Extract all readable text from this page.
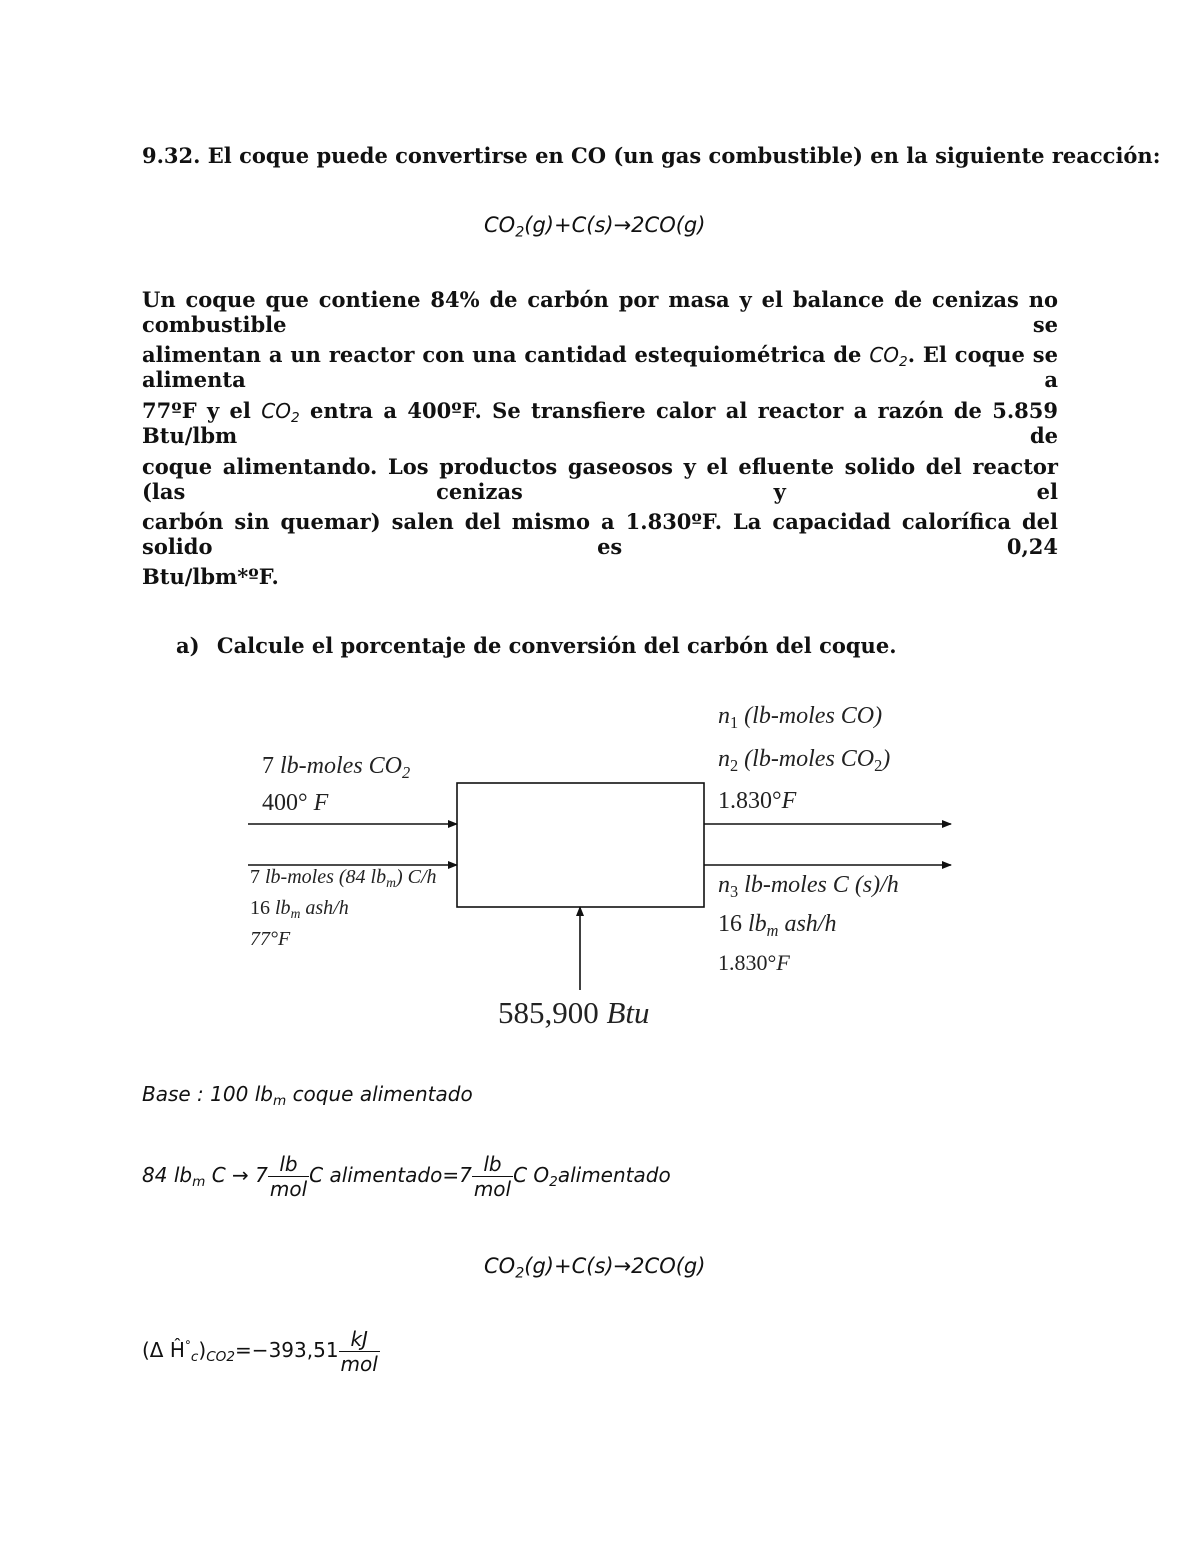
9.32. El coque puede convertirse en CO (un gas combustible) en la siguiente reacción:
$CO_2(g)+C(s)\to 2CO(g)$
Un coque que contiene 84% de carbón por masa y el balance de cenizas no combustible se
alimentan a un reactor con una cantidad estequiométrica de $CO_2$. El coque se alimenta a
77ºF y el $CO_2$ entra a 400ºF. Se transfiere calor al reactor a razón de 5.859 Btu/lbm de
coque alimentando. Los productos gaseosos y el efluente solido del reactor (las cenizas y el
carbón sin quemar) salen del mismo a 1.830ºF. La capacidad calorífica del solido es 0,24
Btu/lbm*ºF.
a) Calcule el porcentaje de conversión del carbón del coque.
7 lb-moles $CO_2$
400° F
7 lb-moles (84 $lb_m$) C/h
16 $lb_m$ ash/h
77°F
$n_1$ (lb-moles CO)
$n_2$ (lb-moles $CO_2$)
1.830°F
$n_3$ lb-moles C (s)/h
16 $lb_m$ ash/h
1.830°F
585,900 Btu
Base : 100 $lb_m$ coque alimentado
84 $lb_m$ $C \to 7 \frac{lb}{\text{mol}}$ C alimentado=7 $\frac{lb}{\text{mol}}$ C $O_2alimentado$
$CO_2(g)+C(s)\to 2CO(g)$
(Δ $Ĥ^\circ_c)_{CO2}=-393,51 \frac{kJ}{\text{mol}}$
